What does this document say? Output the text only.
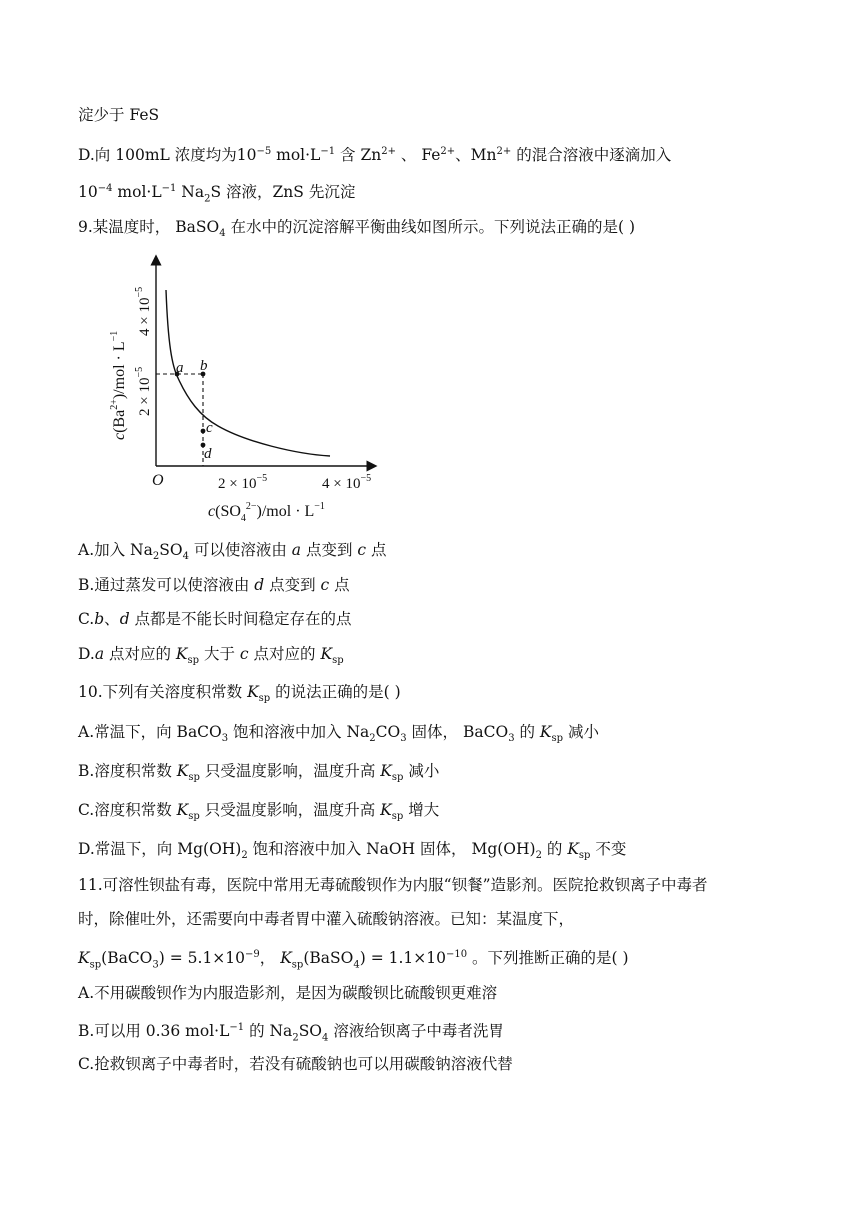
淀少于 FeS
D.向 100mL 浓度均为$10^{-5}$ $mol\cdot L^{-1}$ 含 $Zn^{2+}$ 、 $Fe^{2+}$、$Mn^{2+}$ 的混合溶液中逐滴加入
$10^{-4}$ $mol\cdot L^{-1}$ $Na_2S$ 溶液，ZnS 先沉淀
9.某温度时， BaSO$_4$ 在水中的沉淀溶解平衡曲线如图所示。下列说法正确的是( )
a b
c
d
O	$2 \times 10^{-5}$	$4 \times 10^{-5}$
$c(SO_4^{2-})$/mol · $L^{-1}$
$2 \times 10^{-5}$
$4 \times 10^{-5}$
$c(Ba^{2+})$/mol · $L^{-1}$
A.加入 $Na_2SO_4$ 可以使溶液由 a 点变到 c 点
B.通过蒸发可以使溶液由 d 点变到 c 点
C.b、d 点都是不能长时间稳定存在的点
D.a 点对应的 $K_{sp}$ 大于 c 点对应的 $K_{sp}$
10.下列有关溶度积常数 $K_{sp}$ 的说法正确的是( )
A.常温下，向 BaCO$_3$ 饱和溶液中加入 $Na_2CO_3$ 固体， BaCO$_3$ 的 $K_{sp}$ 减小
B.溶度积常数 $K_{sp}$ 只受温度影响，温度升高 $K_{sp}$ 减小
C.溶度积常数 $K_{sp}$ 只受温度影响，温度升高 $K_{sp}$ 增大
D.常温下，向 $Mg(OH)_2$ 饱和溶液中加入 NaOH 固体， $Mg(OH)_2$ 的 $K_{sp}$ 不变
11.可溶性钡盐有毒，医院中常用无毒硫酸钡作为内服“钡餐”造影剂。医院抢救钡离子中毒者
时，除催吐外，还需要向中毒者胃中灌入硫酸钠溶液。已知：某温度下，
$K_{sp}(BaCO_3) = 5.1\times 10^{-9}$， $K_{sp}(BaSO_4) = 1.1\times 10^{-10}$ 。下列推断正确的是( )
A.不用碳酸钡作为内服造影剂，是因为碳酸钡比硫酸钡更难溶
B.可以用 0.36 $mol\cdot L^{-1}$ 的 $Na_2SO_4$ 溶液给钡离子中毒者洗胃
C.抢救钡离子中毒者时，若没有硫酸钠也可以用碳酸钠溶液代替
